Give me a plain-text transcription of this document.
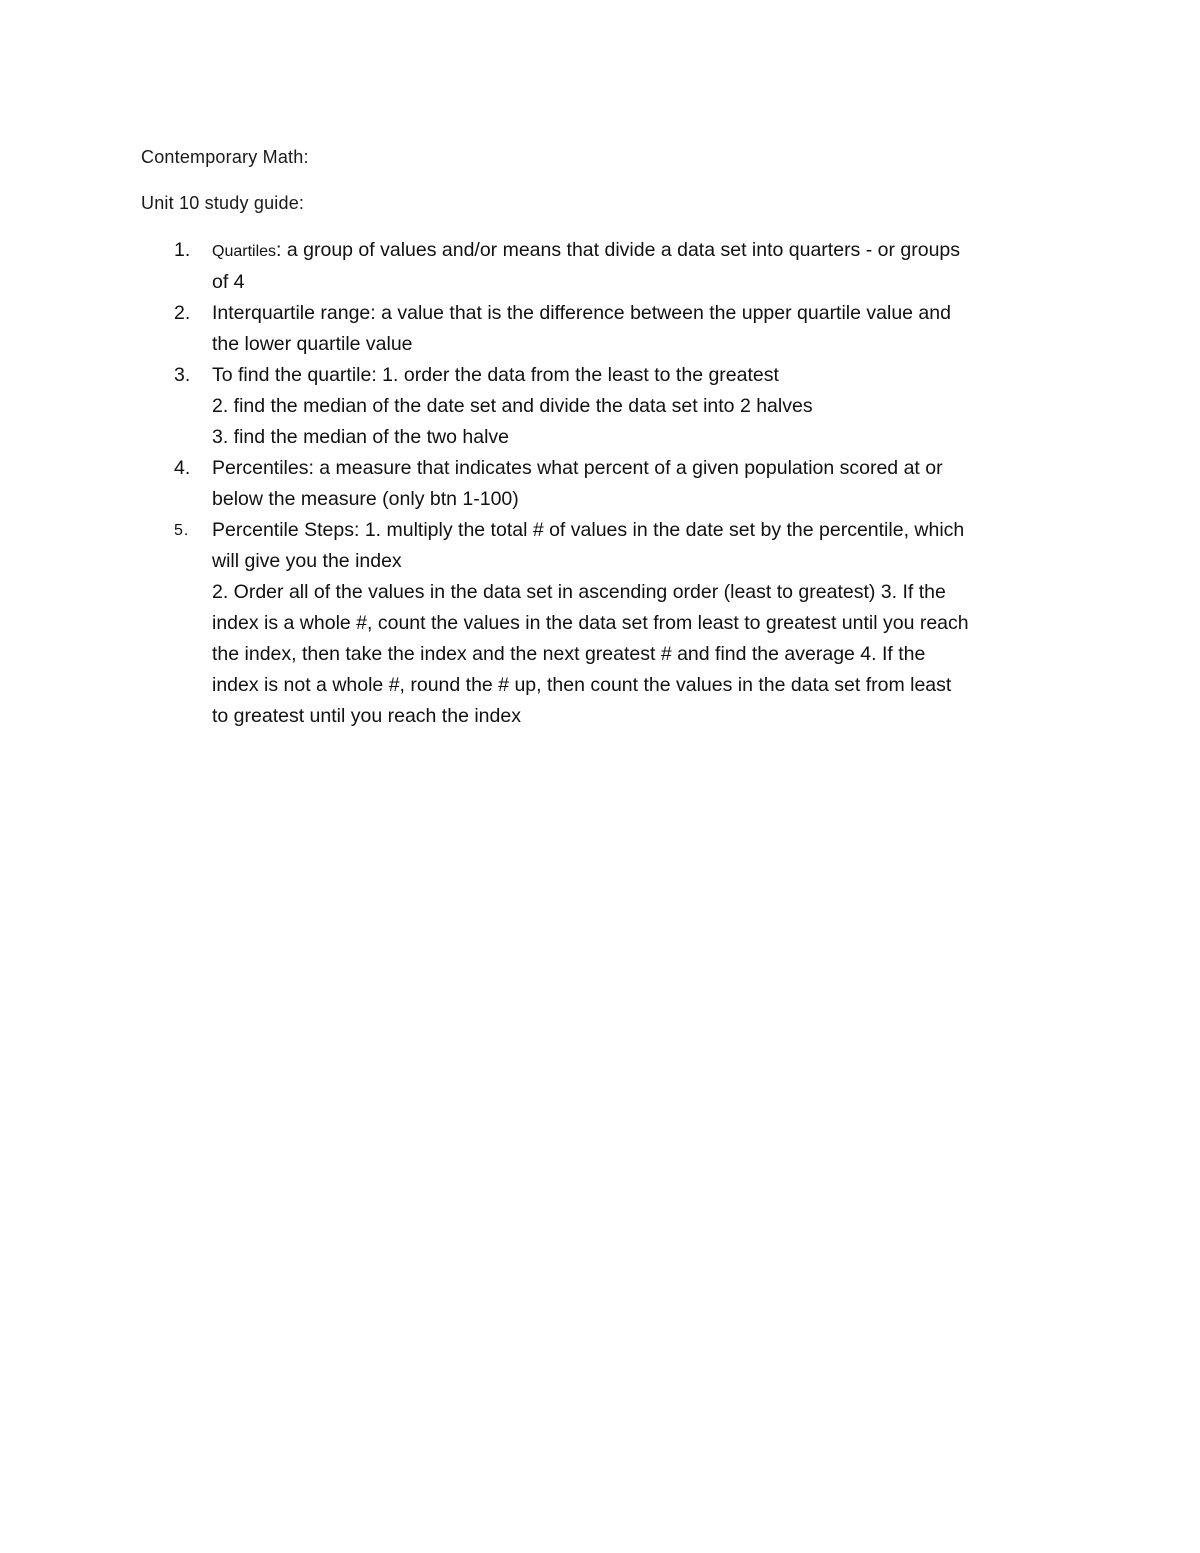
Contemporary Math:
Unit 10 study guide:
1. Quartiles: a group of values and/or means that divide a data set into quarters - or groups
of 4
2. Interquartile range: a value that is the difference between the upper quartile value and
the lower quartile value
3. To find the quartile: 1. order the data from the least to the greatest
2. find the median of the date set and divide the data set into 2 halves
3. find the median of the two halve
4. Percentiles: a measure that indicates what percent of a given population scored at or
below the measure (only btn 1-100)
5. Percentile Steps: 1. multiply the total # of values in the date set by the percentile, which
will give you the index
2. Order all of the values in the data set in ascending order (least to greatest) 3. If the
index is a whole #, count the values in the data set from least to greatest until you reach
the index, then take the index and the next greatest # and find the average 4. If the
index is not a whole #, round the # up, then count the values in the data set from least
to greatest until you reach the index
